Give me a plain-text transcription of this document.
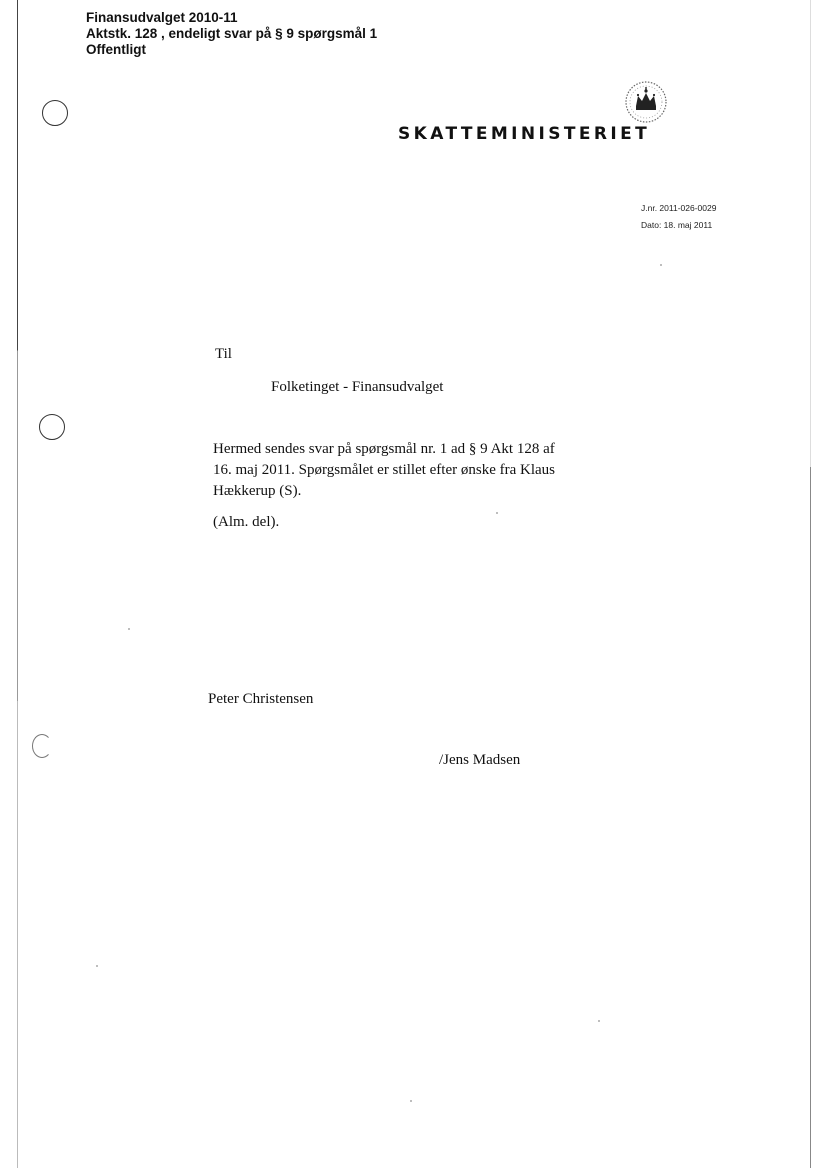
Finansudvalget 2010-11
Aktstk. 128 , endeligt svar på § 9 spørgsmål 1
Offentligt
SKATTEMINISTERIET
J.nr. 2011-026-0029
Dato: 18. maj 2011
Til
Folketinget - Finansudvalget
Hermed sendes svar på spørgsmål nr. 1 ad § 9 Akt 128 af
16. maj 2011. Spørgsmålet er stillet efter ønske fra Klaus
Hækkerup (S).
(Alm. del).
Peter Christensen
/Jens Madsen
